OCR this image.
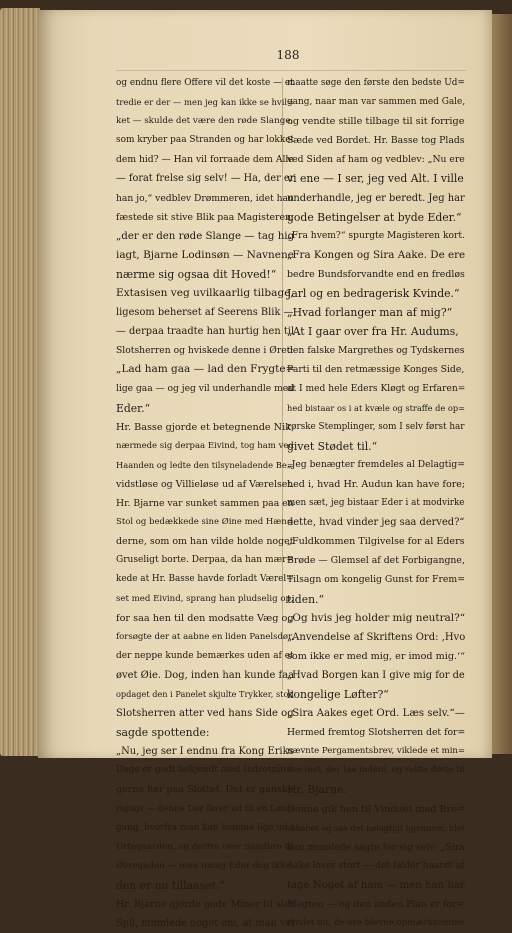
188
og endnu flere Offere vil det koste — et
tredie er der — men jeg kan ikke se hvil=
ket — skulde det være den røde Slange,
som kryber paa Stranden og har lokket
dem hid? — Han vil forraade dem Alle
— forat frelse sig selv! — Ha, der er
han jo,“ vedblev Drømmeren, idet han
fæstede sit stive Blik paa Magisteren,
„der er den røde Slange — tag hig
iagt, Bjarne Lodinsøn — Navnene
nærme sig ogsaa dit Hoved!“
Extasisen veg uvilkaarlig tilbage,
ligesom beherset af Seerens Blik —
— derpaa traadte han hurtig hen til
Slotsherren og hviskede denne i Øret:
„Lad ham gaa — lad den Frygte=
lige gaa — og jeg vil underhandle med
Eder.“
Hr. Basse gjorde et betegnende Nik,
nærmede sig derpaa Eivind, tog ham ved
Haanden og ledte den tilsyneladende Be=
vidstløse og Villieløse ud af Værelset.
Hr. Bjarne var sunket sammen paa en
Stol og bedækkede sine Øine med Hæn=
derne, som om han vilde holde noget
Gruseligt borte. Derpaa, da han mær=
kede at Hr. Basse havde forladt Værel=
set med Eivind, sprang han pludselig op,
for saa hen til den modsatte Væg og
forsøgte der at aabne en liden Panelsdør,
der neppe kunde bemærkes uden af et
øvet Øie. Dog, inden han kunde faa
opdaget den i Panelet skjulte Trykker, stod
Slotsherren atter ved hans Side og
sagde spottende:
„Nu, jeg ser I endnu fra Kong Eriks
Dage er godt bekjendt med Indretnin=
gerne her paa Slottet. Det er ganske
rigtigt — denne Dør fører ud til en Løn=
gang, hvorfra man kan komme lige ud i
Urtegaarden, og derfra over Sandbro til
Øvregaden — men umag Eder dog ikke,
den er nu tillaaset.“
Hr. Bjarne gjorde gode Miner til slet
Spil, mumlede noget om, at man vel
maatte søge den første den bedste Ud=
gang, naar man var sammen med Gale,
og vendte stille tilbage til sit forrige
Sæde ved Bordet. Hr. Basse tog Plads
ved Siden af ham og vedblev: „Nu ere
vi ene — I ser, jeg ved Alt. I ville
underhandle, jeg er beredt. Jeg har
gode Betingelser at byde Eder.“
„Fra hvem?“ spurgte Magisteren kort.
„Fra Kongen og Sira Aake. De ere
bedre Bundsforvandte end en fredløs
Jarl og en bedragerisk Kvinde.“
„Hvad forlanger man af mig?“
„At I gaar over fra Hr. Audums,
den falske Margrethes og Tydskernes
Parti til den retmæssige Konges Side,
at I med hele Eders Kløgt og Erfaren=
hed bistaar os i at kvæle og straffe de op=
rørske Stemplinger, som I selv først har
givet Stødet til.“
„Jeg benægter fremdeles al Delagtig=
hed i, hvad Hr. Audun kan have fore;
men sæt, jeg bistaar Eder i at modvirke
dette, hvad vinder jeg saa derved?“
„Fuldkommen Tilgivelse for al Eders
Brøde — Glemsel af det Forbigangne,
Tilsagn om kongelig Gunst for Frem=
tiden.“
„Og hvis jeg holder mig neutral?“
„Anvendelse af Skriftens Ord: ‚Hvo
som ikke er med mig, er imod mig.‘“
„Hvad Borgen kan I give mig for de
kongelige Løfter?“
„Sira Aakes eget Ord. Læs selv.“—
Hermed fremtog Slotsherren det for=
nævnte Pergamentsbrev, viklede et min=
dre løst, der laa indeni, og rakte dette til
Hr. Bjarne.
Denne gik hen til Vinduet med Bre=
vskabet og saa det nøiagtigt igjennem, idet
han mumlede sagte for sig selv: „Sira
Aake lover stort — det falder haardt at
tage Noget af ham — men han har
Magten — og den anden Plan er for=
tvivlet nu, de ere blevne opmærksomme
